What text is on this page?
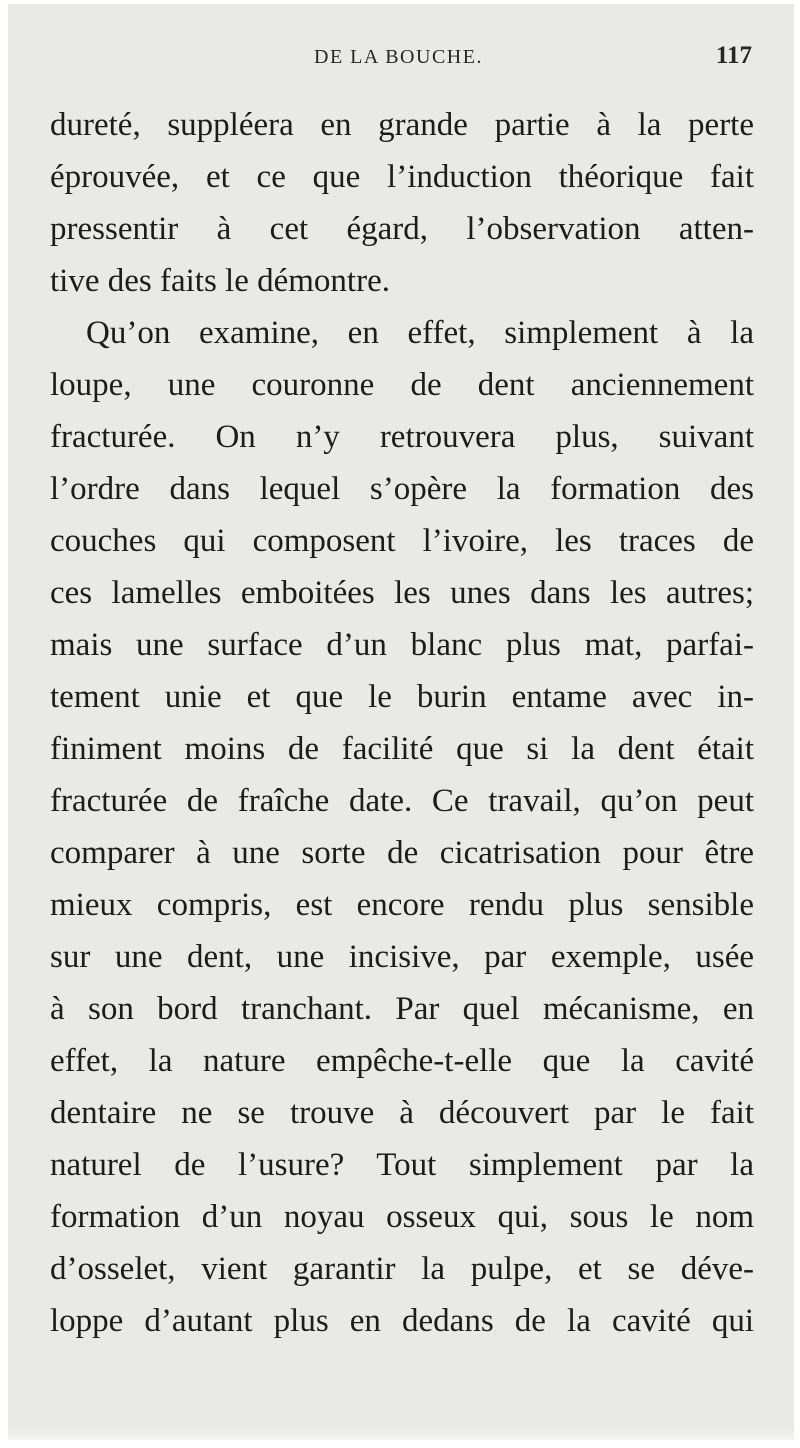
DE LA BOUCHE.	117
dureté, suppléera en grande partie à la perte
éprouvée, et ce que l’induction théorique fait
pressentir à cet égard, l’observation atten-
tive des faits le démontre.
Qu’on examine, en effet, simplement à la
loupe, une couronne de dent anciennement
fracturée. On n’y retrouvera plus, suivant
l’ordre dans lequel s’opère la formation des
couches qui composent l’ivoire, les traces de
ces lamelles emboitées les unes dans les autres;
mais une surface d’un blanc plus mat, parfai-
tement unie et que le burin entame avec in-
finiment moins de facilité que si la dent était
fracturée de fraîche date. Ce travail, qu’on peut
comparer à une sorte de cicatrisation pour être
mieux compris, est encore rendu plus sensible
sur une dent, une incisive, par exemple, usée
à son bord tranchant. Par quel mécanisme, en
effet, la nature empêche-t-elle que la cavité
dentaire ne se trouve à découvert par le fait
naturel de l’usure? Tout simplement par la
formation d’un noyau osseux qui, sous le nom
d’osselet, vient garantir la pulpe, et se déve-
loppe d’autant plus en dedans de la cavité qui
